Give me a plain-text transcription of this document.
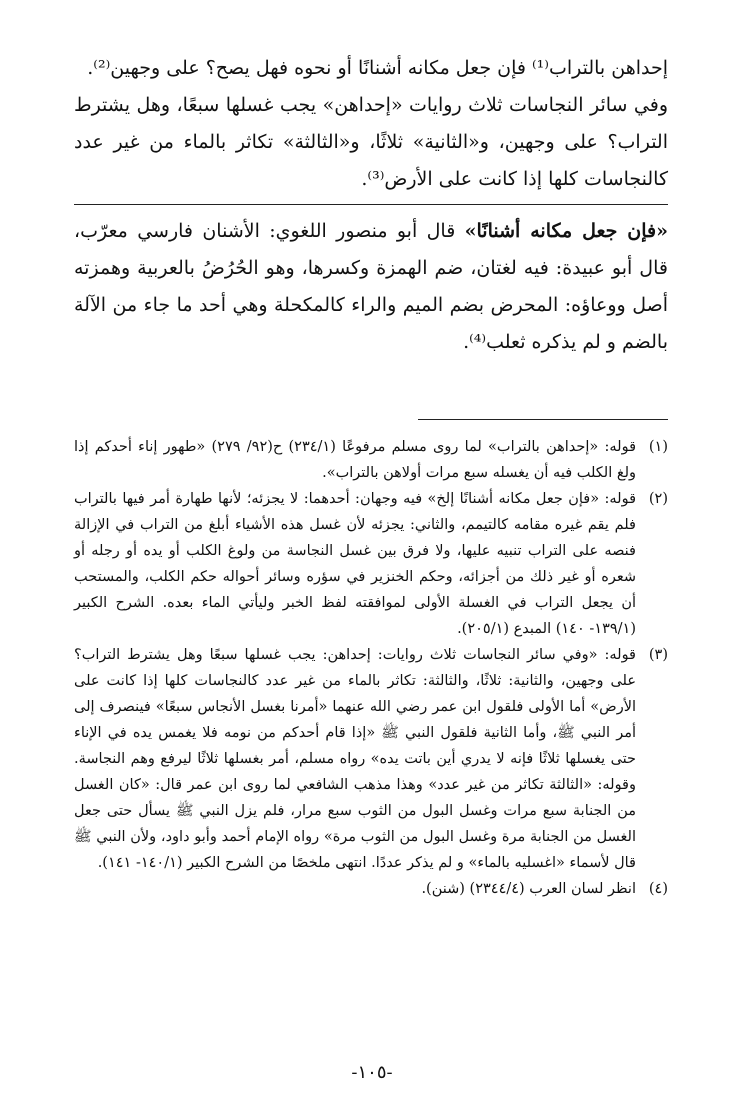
إحداهن بالتراب⁽¹⁾ فإن جعل مكانه أشنانًا أو نحوه فهل يصح؟ على وجهين⁽²⁾.

وفي سائر النجاسات ثلاث روايات «إحداهن» يجب غسلها سبعًا، وهل يشترط التراب؟ على وجهين، و«الثانية» ثلاثًا، و«الثالثة» تكاثر بالماء من غير عدد كالنجاسات كلها إذا كانت على الأرض⁽³⁾.

«فإن جعل مكانه أشنانًا» قال أبو منصور اللغوي: الأشنان فارسي معرّب، قال أبو عبيدة: فيه لغتان، ضم الهمزة وكسرها، وهو الحُرُضُ بالعربية وهمزته أصل ووعاؤه: المحرض بضم الميم والراء كالمكحلة وهي أحد ما جاء من الآلة بالضم و لم يذكره ثعلب⁽⁴⁾.

(١)
قوله: «إحداهن بالتراب» لما روى مسلم مرفوعًا (٢٣٤/١) ح(٩٢/ ٢٧٩) «طهور إناء أحدكم إذا ولغ الكلب فيه أن يغسله سبع مرات أولاهن بالتراب».
(٢)
قوله: «فإن جعل مكانه أشنانًا إلخ» فيه وجهان: أحدهما: لا يجزئه؛ لأنها طهارة أمر فيها بالتراب فلم يقم غيره مقامه كالتيمم، والثاني: يجزئه لأن غسل هذه الأشياء أبلغ من التراب في الإزالة فنصه على التراب تنبيه عليها، ولا فرق بين غسل النجاسة من ولوغ الكلب أو يده أو رجله أو شعره أو غير ذلك من أجزائه، وحكم الخنزير في سؤره وسائر أحواله حكم الكلب، والمستحب أن يجعل التراب في الغسلة الأولى لموافقته لفظ الخبر وليأتي الماء بعده. الشرح الكبير (١٣٩/١- ١٤٠) المبدع (٢٠٥/١).
(٣)
قوله: «وفي سائر النجاسات ثلاث روايات: إحداهن: يجب غسلها سبعًا وهل يشترط التراب؟ على وجهين، والثانية: ثلاثًا، والثالثة: تكاثر بالماء من غير عدد كالنجاسات كلها إذا كانت على الأرض» أما الأولى فلقول ابن عمر رضي الله عنهما «أمرنا بغسل الأنجاس سبعًا» فينصرف إلى أمر النبي ﷺ، وأما الثانية فلقول النبي ﷺ «إذا قام أحدكم من نومه فلا يغمس يده في الإناء حتى يغسلها ثلاثًا فإنه لا يدري أين باتت يده» رواه مسلم، أمر بغسلها ثلاثًا ليرفع وهم النجاسة. وقوله: «الثالثة تكاثر من غير عدد» وهذا مذهب الشافعي لما روى ابن عمر قال: «كان الغسل من الجنابة سبع مرات وغسل البول من الثوب سبع مرار، فلم يزل النبي ﷺ يسأل حتى جعل الغسل من الجنابة مرة وغسل البول من الثوب مرة» رواه الإمام أحمد وأبو داود، ولأن النبي ﷺ قال لأسماء «اغسليه بالماء» و لم يذكر عددًا. انتهى ملخصًا من الشرح الكبير (١٤٠/١- ١٤١).
(٤)
انظر لسان العرب (٢٣٤٤/٤) (شنن).
-١٠٥-
